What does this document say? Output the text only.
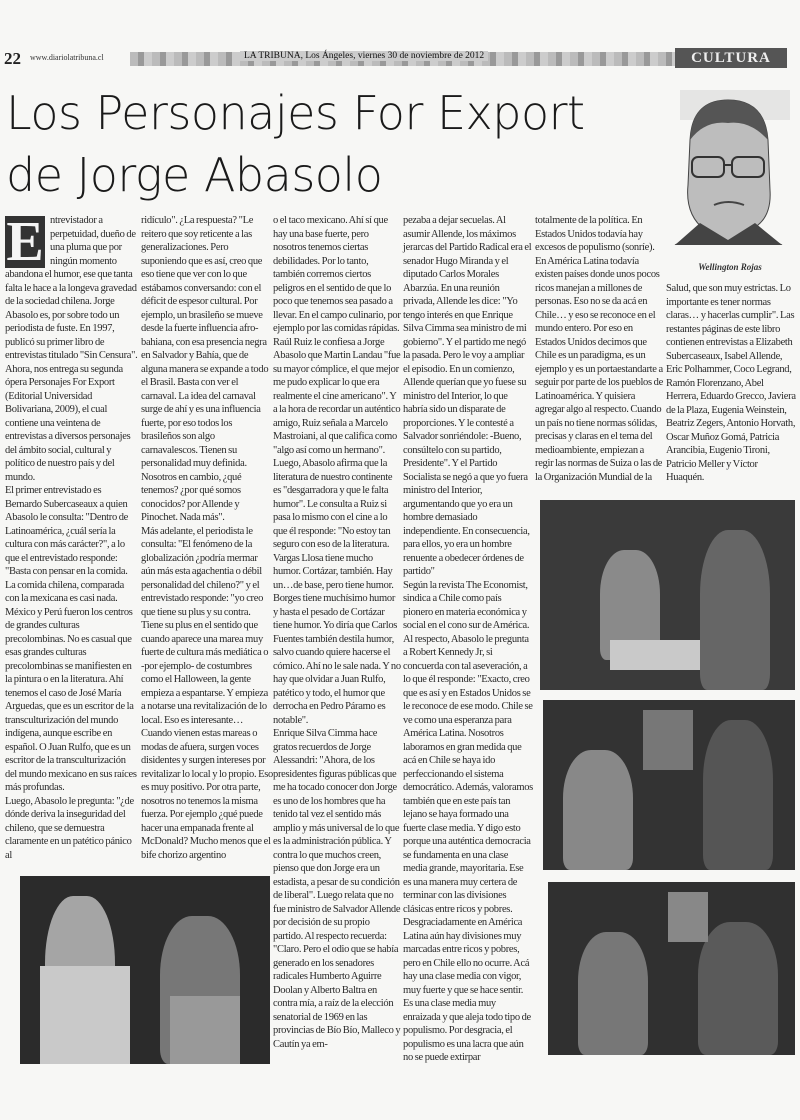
22 www.diariolatribuna.cl	LA TRIBUNA, Los Ángeles, viernes 30 de noviembre de 2012	CULTURA
Los Personajes For Export
de Jorge Abasolo
Wellington Rojas
E ntrevistador a perpetuidad, dueño de una pluma que por ningún momento abandona el humor, ese que tanta falta le hace a la longeva gravedad de la sociedad chilena. Jorge Abasolo es, por sobre todo un periodista de fuste. En 1997, publicó su primer libro de entrevistas titulado "Sin Censura". Ahora, nos entrega su segunda ópera Personajes For Export (Editorial Universidad Bolivariana, 2009), el cual contiene una veintena de entrevistas a diversos personajes del ámbito social, cultural y político de nuestro país y del mundo.

El primer entrevistado es Bernardo Subercaseaux a quien Abasolo le consulta: "Dentro de Latinoamérica, ¿cuál sería la cultura con más carácter?", a lo que el entrevistado responde: "Basta con pensar en la comida. La comida chilena, comparada con la mexicana es casi nada. México y Perú fueron los centros de grandes culturas precolombinas. No es casual que esas grandes culturas precolombinas se manifiesten en la pintura o en la literatura. Ahí tenemos el caso de José María Arguedas, que es un escritor de la transculturización del mundo indígena, aunque escribe en español. O Juan Rulfo, que es un escritor de la transculturización del mundo mexicano en sus raíces más profundas.

Luego, Abasolo le pregunta: "¿de dónde deriva la inseguridad del chileno, que se demuestra claramente en un patético pánico al

ridículo". ¿La respuesta? "Le reitero que soy reticente a las generalizaciones. Pero suponiendo que es así, creo que eso tiene que ver con lo que estábamos conversando: con el déficit de espesor cultural. Por ejemplo, un brasileño se mueve desde la fuerte influencia afro-bahiana, con esa presencia negra en Salvador y Bahía, que de alguna manera se expande a todo el Brasil. Basta con ver el carnaval. La idea del carnaval surge de ahí y es una influencia fuerte, por eso todos los brasileños son algo carnavalescos. Tienen su personalidad muy definida. Nosotros en cambio, ¿qué tenemos? ¿por qué somos conocidos? por Allende y Pinochet. Nada más".

Más adelante, el periodista le consulta: "El fenómeno de la globalización ¿podría mermar aún más esta agachentia o débil personalidad del chileno?" y el entrevistado responde: "yo creo que tiene su plus y su contra. Tiene su plus en el sentido que cuando aparece una marea muy fuerte de cultura más mediática o -por ejemplo- de costumbres como el Halloween, la gente empieza a espantarse. Y empieza a notarse una revitalización de lo local. Eso es interesante… Cuando vienen estas mareas o modas de afuera, surgen voces disidentes y surgen intereses por revitalizar lo local y lo propio. Eso es muy positivo. Por otra parte, nosotros no tenemos la misma fuerza. Por ejemplo ¿qué puede hacer una empanada frente al McDonald? Mucho menos que el bife chorizo argentino

o el taco mexicano. Ahí sí que hay una base fuerte, pero nosotros tenemos ciertas debilidades. Por lo tanto, también corremos ciertos peligros en el sentido de que lo poco que tenemos sea pasado a llevar. En el campo culinario, por ejemplo por las comidas rápidas.

Raúl Ruiz le confiesa a Jorge Abasolo que Martin Landau "fue su mayor cómplice, el que mejor me pudo explicar lo que era realmente el cine americano". Y a la hora de recordar un auténtico amigo, Ruiz señala a Marcelo Mastroiani, al que califica como "algo así como un hermano". Luego, Abasolo afirma que la literatura de nuestro continente es "desgarradora y que le falta humor". Le consulta a Ruiz si pasa lo mismo con el cine a lo que él responde: "No estoy tan seguro con eso de la literatura. Vargas Llosa tiene mucho humor. Cortázar, también. Hay un…de base, pero tiene humor. Borges tiene muchísimo humor y hasta el pesado de Cortázar tiene humor. Yo diría que Carlos Fuentes también destila humor, salvo cuando quiere hacerse el cómico. Ahí no le sale nada. Y no hay que olvidar a Juan Rulfo, patético y todo, el humor que derrocha en Pedro Páramo es notable".

Enrique Silva Cimma hace gratos recuerdos de Jorge Alessandri: "Ahora, de los presidentes figuras públicas que me ha tocado conocer don Jorge es uno de los hombres que ha tenido tal vez el sentido más amplio y más universal de lo que es la administración pública. Y contra lo que muchos creen, pienso que don Jorge era un estadista, a pesar de su condición de liberal". Luego relata que no fue ministro de Salvador Allende por decisión de su propio partido. Al respecto recuerda: "Claro. Pero el odio que se había generado en los senadores radicales Humberto Aguirre Doolan y Alberto Baltra en contra mía, a raíz de la elección senatorial de 1969 en las provincias de Bío Bío, Malleco y Cautín ya em-

pezaba a dejar secuelas. Al asumir Allende, los máximos jerarcas del Partido Radical era el senador Hugo Miranda y el diputado Carlos Morales Abarzúa. En una reunión privada, Allende les dice: "Yo tengo interés en que Enrique Silva Cimma sea ministro de mi gobierno". Y el partido me negó la pasada. Pero le voy a ampliar el episodio. En un comienzo, Allende querían que yo fuese su ministro del Interior, lo que habría sido un disparate de proporciones. Y le contesté a Salvador sonriéndole: -Bueno, consúltelo con su partido, Presidente". Y el Partido Socialista se negó a que yo fuera ministro del Interior, argumentando que yo era un hombre demasiado independiente. En consecuencia, para ellos, yo era un hombre renuente a obedecer órdenes de partido"

Según la revista The Economist, sindica a Chile como país pionero en materia económica y social en el cono sur de América. Al respecto, Abasolo le pregunta a Robert Kennedy Jr, si concuerda con tal aseveración, a lo que él responde: "Exacto, creo que es así y en Estados Unidos se le reconoce de ese modo. Chile se ve como una esperanza para América Latina. Nosotros laboramos en gran medida que acá en Chile se haya ido perfeccionando el sistema democrático. Además, valoramos también que en este país tan lejano se haya formado una fuerte clase media. Y digo esto porque una auténtica democracia se fundamenta en una clase media grande, mayoritaria. Ese es una manera muy certera de terminar con las divisiones clásicas entre ricos y pobres. Desgraciadamente en América Latina aún hay divisiones muy marcadas entre ricos y pobres, pero en Chile ello no ocurre. Acá hay una clase media con vigor, muy fuerte y que se hace sentir. Es una clase media muy enraizada y que aleja todo tipo de populismo. Por desgracia, el populismo es una lacra que aún no se puede extirpar

totalmente de la política. En Estados Unidos todavía hay excesos de populismo (sonríe). En América Latina todavía existen países donde unos pocos ricos manejan a millones de personas. Eso no se da acá en Chile… y eso se reconoce en el mundo entero. Por eso en Estados Unidos decimos que Chile es un paradigma, es un ejemplo y es un portaestandarte a seguir por parte de los pueblos de Latinoamérica. Y quisiera agregar algo al respecto. Cuando un país no tiene normas sólidas, precisas y claras en el tema del medioambiente, empiezan a regir las normas de Suiza o las de la Organización Mundial de la

Salud, que son muy estrictas. Lo importante es tener normas claras… y hacerlas cumplir". Las restantes páginas de este libro contienen entrevistas a Elizabeth Subercaseaux, Isabel Allende, Eric Polhammer, Coco Legrand, Ramón Florenzano, Abel Herrera, Eduardo Grecco, Javiera de la Plaza, Eugenia Weinstein, Beatriz Zegers, Antonio Horvath, Oscar Muñoz Gomá, Patricia Arancibia, Eugenio Tironi, Patricio Meller y Víctor Huaquén.
